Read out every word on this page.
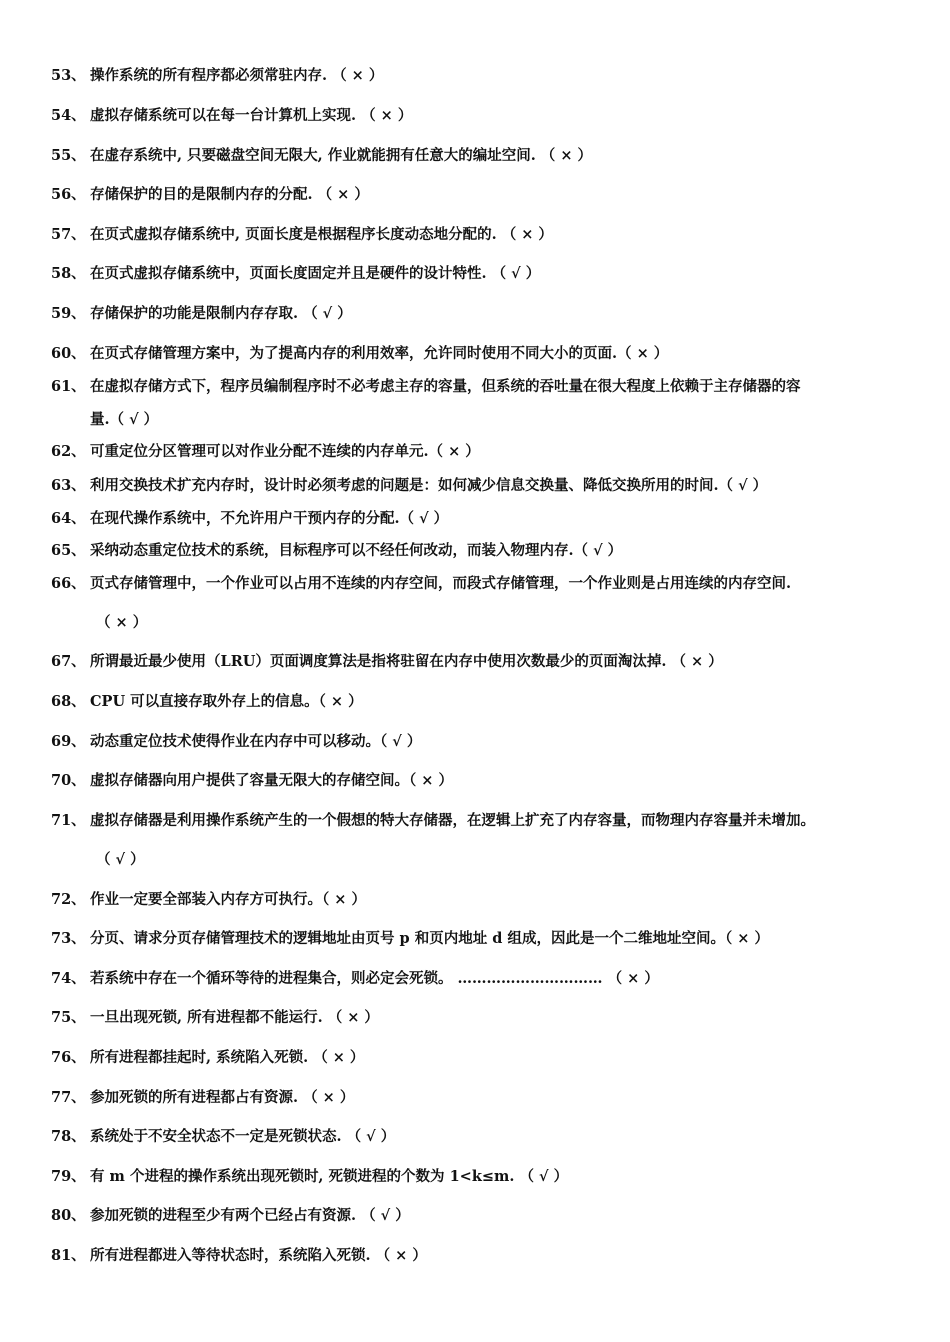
53、 操作系统的所有程序都必须常驻内存. （ × ）
54、 虚拟存储系统可以在每一台计算机上实现. （ × ）
55、 在虚存系统中, 只要磁盘空间无限大, 作业就能拥有任意大的编址空间. （ × ）
56、 存储保护的目的是限制内存的分配. （ × ）
57、 在页式虚拟存储系统中, 页面长度是根据程序长度动态地分配的. （ × ）
58、 在页式虚拟存储系统中，页面长度固定并且是硬件的设计特性. （ √ ）
59、 存储保护的功能是限制内存存取. （ √ ）
60、 在页式存储管理方案中，为了提高内存的利用效率，允许同时使用不同大小的页面.（ × ）
61、 在虚拟存储方式下，程序员编制程序时不必考虑主存的容量，但系统的吞吐量在很大程度上依赖于主存储器的容
量.（ √ ）
62、 可重定位分区管理可以对作业分配不连续的内存单元.（ × ）
63、 利用交换技术扩充内存时，设计时必须考虑的问题是：如何减少信息交换量、降低交换所用的时间.（ √ ）
64、 在现代操作系统中，不允许用户干预内存的分配.（ √ ）
65、 采纳动态重定位技术的系统，目标程序可以不经任何改动，而装入物理内存.（ √ ）
66、 页式存储管理中，一个作业可以占用不连续的内存空间，而段式存储管理，一个作业则是占用连续的内存空间.
（ × ）
67、 所谓最近最少使用（LRU）页面调度算法是指将驻留在内存中使用次数最少的页面淘汰掉. （ × ）
68、 CPU 可以直接存取外存上的信息。（ × ）
69、 动态重定位技术使得作业在内存中可以移动。（ √ ）
70、 虚拟存储器向用户提供了容量无限大的存储空间。（ × ）
71、 虚拟存储器是利用操作系统产生的一个假想的特大存储器，在逻辑上扩充了内存容量，而物理内存容量并未增加。
（ √ ）
72、 作业一定要全部装入内存方可执行。（ × ）
73、 分页、请求分页存储管理技术的逻辑地址由页号 p 和页内地址 d 组成，因此是一个二维地址空间。（ × ）
74、 若系统中存在一个循环等待的进程集合，则必定会死锁。 ………………………… （ × ）
75、 一旦出现死锁, 所有进程都不能运行. （ × ）
76、 所有进程都挂起时, 系统陷入死锁. （ × ）
77、 参加死锁的所有进程都占有资源. （ × ）
78、 系统处于不安全状态不一定是死锁状态. （ √ ）
79、 有 m 个进程的操作系统出现死锁时, 死锁进程的个数为 1<k≤m. （ √ ）
80、 参加死锁的进程至少有两个已经占有资源. （ √ ）
81、 所有进程都进入等待状态时，系统陷入死锁. （ × ）
